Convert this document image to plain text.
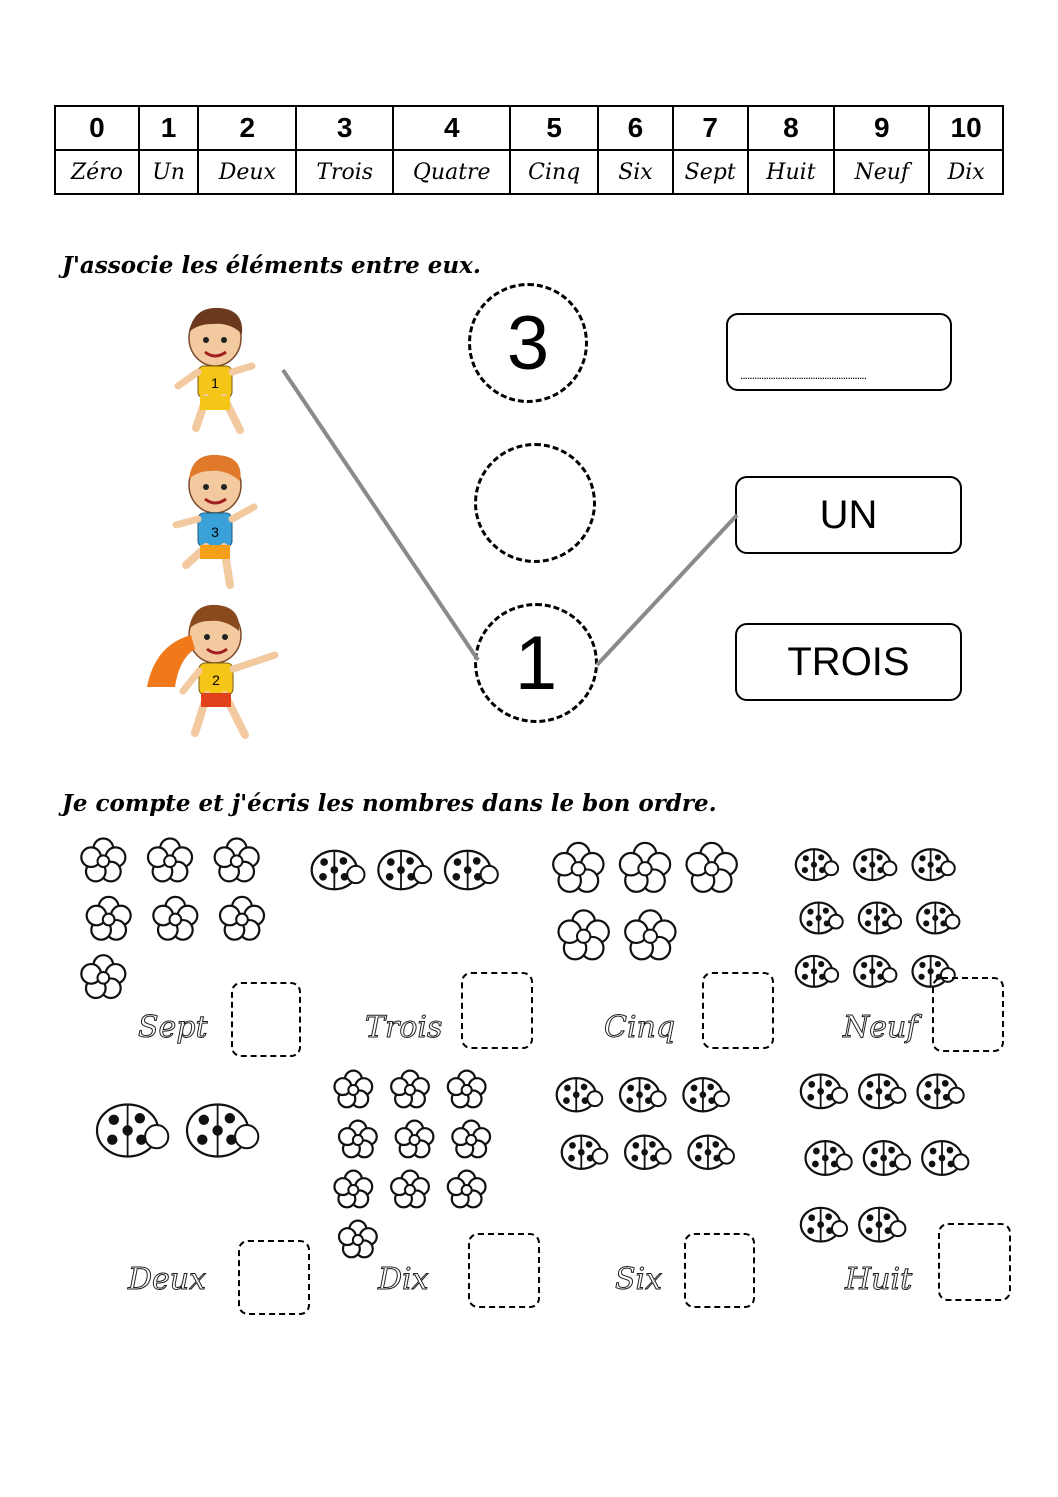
0	1	2	3	4	5	6	7	8	9	10
Zéro	Un	Deux	Trois	Quatre	Cinq	Six	Sept	Huit	Neuf	Dix
J'associe les éléments entre eux.
1
3
2
3
1
......................................................
UN
TROIS
Je compte et j'écris les nombres dans le bon ordre.
Sept	Trois	Cinq	Neuf
Deux	Dix	Six	Huit
